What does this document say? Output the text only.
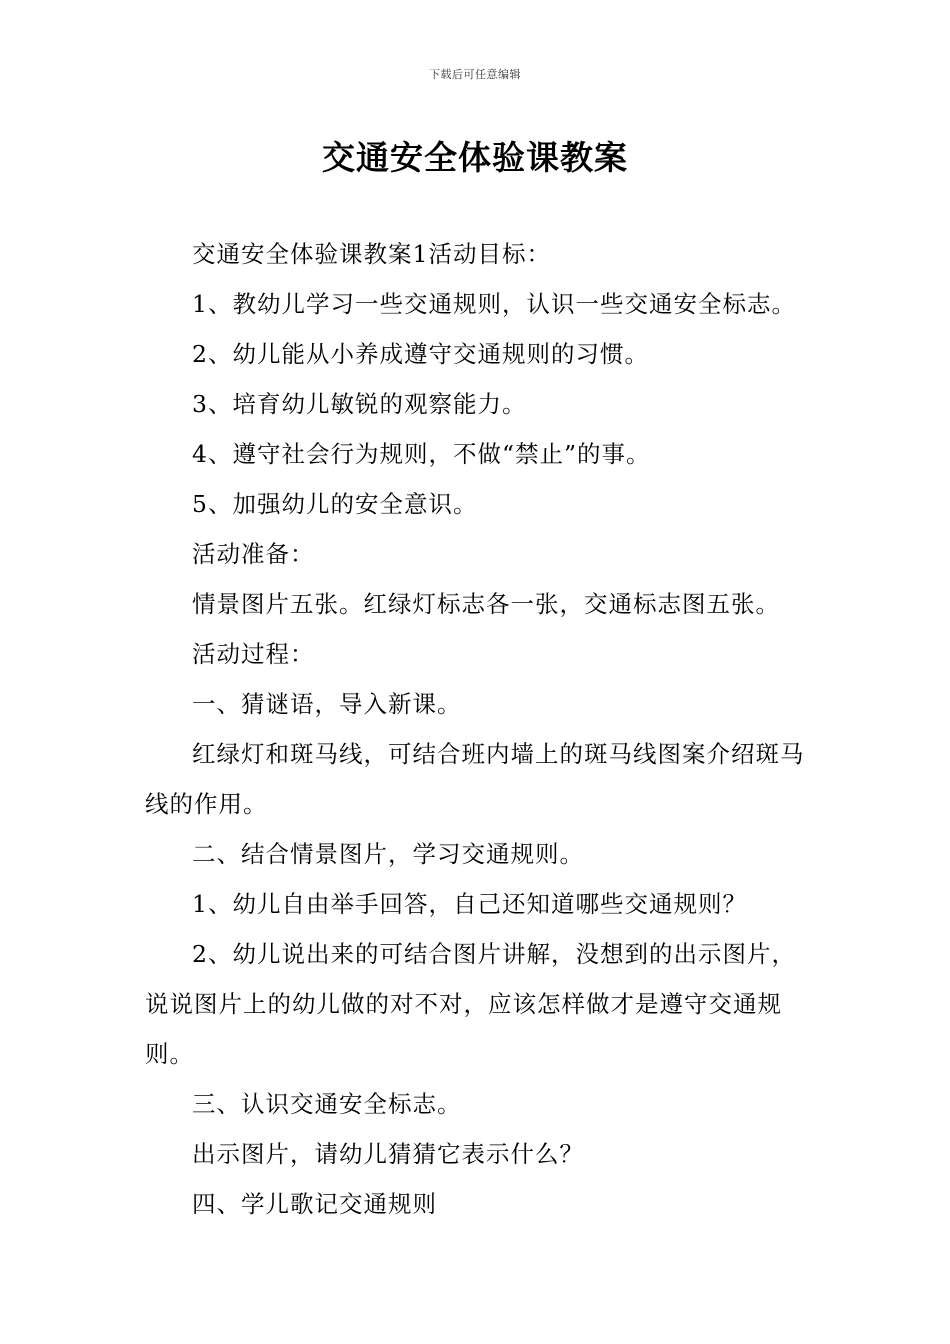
下载后可任意编辑
交通安全体验课教案

交通安全体验课教案1活动目标：

1、教幼儿学习一些交通规则，认识一些交通安全标志。

2、幼儿能从小养成遵守交通规则的习惯。

3、培育幼儿敏锐的观察能力。

4、遵守社会行为规则，不做“禁止”的事。

5、加强幼儿的安全意识。

活动准备：

情景图片五张。红绿灯标志各一张，交通标志图五张。

活动过程：

一、猜谜语，导入新课。

红绿灯和斑马线，可结合班内墙上的斑马线图案介绍斑马线的作用。

二、结合情景图片，学习交通规则。

1、幼儿自由举手回答，自己还知道哪些交通规则？

2、幼儿说出来的可结合图片讲解，没想到的出示图片，说说图片上的幼儿做的对不对，应该怎样做才是遵守交通规则。

三、认识交通安全标志。

出示图片，请幼儿猜猜它表示什么？

四、学儿歌记交通规则
